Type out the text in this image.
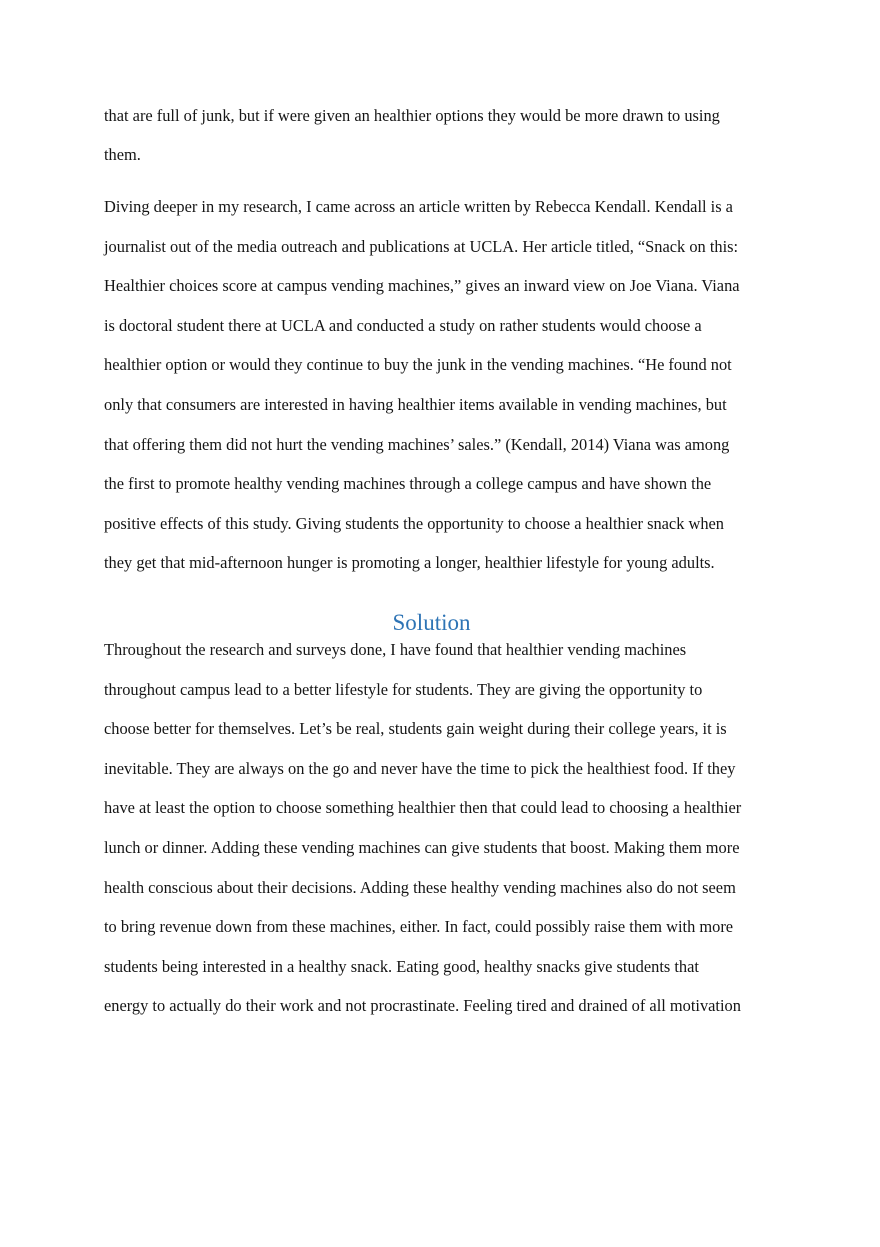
that are full of junk, but if were given an healthier options they would be more drawn to using
them.
Diving deeper in my research, I came across an article written by Rebecca Kendall. Kendall is a
journalist out of the media outreach and publications at UCLA. Her article titled, “Snack on this:
Healthier choices score at campus vending machines,” gives an inward view on Joe Viana. Viana
is doctoral student there at UCLA and conducted a study on rather students would choose a
healthier option or would they continue to buy the junk in the vending machines. “He found not
only that consumers are interested in having healthier items available in vending machines, but
that offering them did not hurt the vending machines’ sales.” (Kendall, 2014) Viana was among
the first to promote healthy vending machines through a college campus and have shown the
positive effects of this study. Giving students the opportunity to choose a healthier snack when
they get that mid-afternoon hunger is promoting a longer, healthier lifestyle for young adults.
Solution
Throughout the research and surveys done, I have found that healthier vending machines
throughout campus lead to a better lifestyle for students. They are giving the opportunity to
choose better for themselves. Let’s be real, students gain weight during their college years, it is
inevitable. They are always on the go and never have the time to pick the healthiest food. If they
have at least the option to choose something healthier then that could lead to choosing a healthier
lunch or dinner. Adding these vending machines can give students that boost. Making them more
health conscious about their decisions. Adding these healthy vending machines also do not seem
to bring revenue down from these machines, either. In fact, could possibly raise them with more
students being interested in a healthy snack. Eating good, healthy snacks give students that
energy to actually do their work and not procrastinate. Feeling tired and drained of all motivation
